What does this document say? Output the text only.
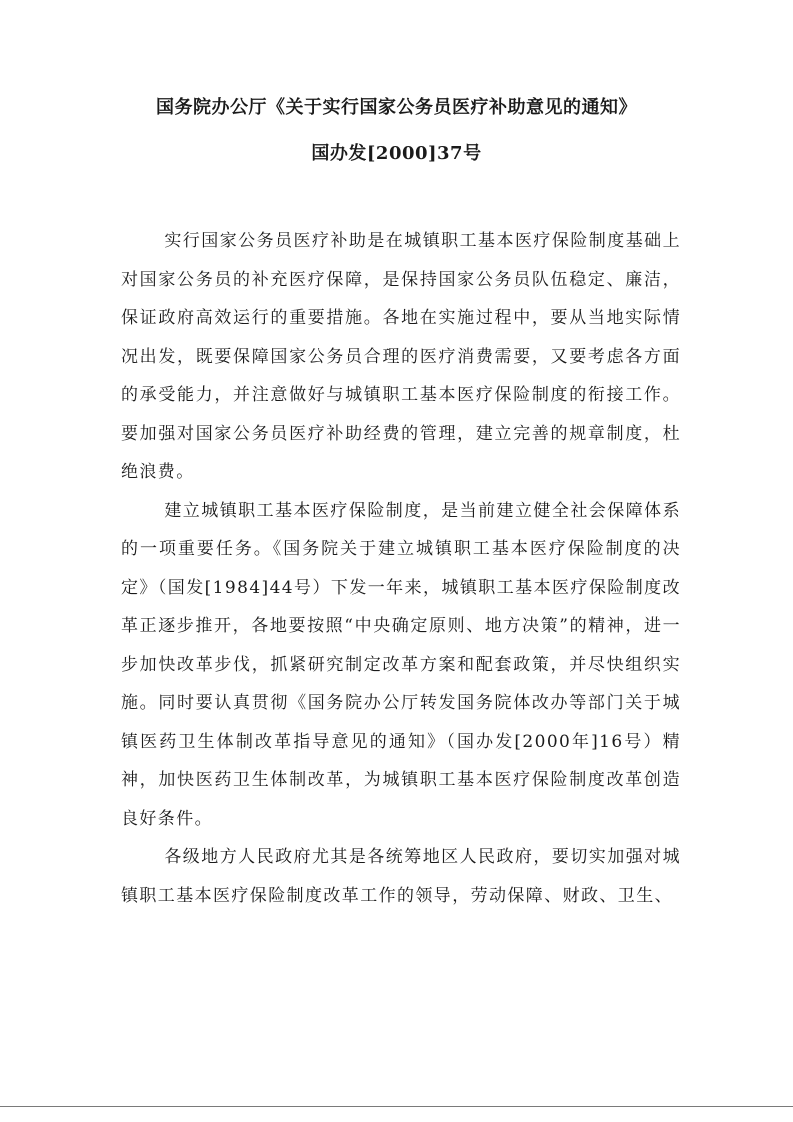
国务院办公厅《关于实行国家公务员医疗补助意见的通知》
国办发[2000]37号

实行国家公务员医疗补助是在城镇职工基本医疗保险制度基础上对国家公务员的补充医疗保障，是保持国家公务员队伍稳定、廉洁，保证政府高效运行的重要措施。各地在实施过程中，要从当地实际情况出发，既要保障国家公务员合理的医疗消费需要，又要考虑各方面的承受能力，并注意做好与城镇职工基本医疗保险制度的衔接工作。要加强对国家公务员医疗补助经费的管理，建立完善的规章制度，杜绝浪费。

建立城镇职工基本医疗保险制度，是当前建立健全社会保障体系的一项重要任务。《国务院关于建立城镇职工基本医疗保险制度的决定》（国发[1984]44号）下发一年来，城镇职工基本医疗保险制度改革正逐步推开，各地要按照“中央确定原则、地方决策”的精神，进一步加快改革步伐，抓紧研究制定改革方案和配套政策，并尽快组织实施。同时要认真贯彻《国务院办公厅转发国务院体改办等部门关于城镇医药卫生体制改革指导意见的通知》（国办发[2000年]16号）精神，加快医药卫生体制改革，为城镇职工基本医疗保险制度改革创造良好条件。

各级地方人民政府尤其是各统筹地区人民政府，要切实加强对城镇职工基本医疗保险制度改革工作的领导，劳动保障、财政、卫生、
